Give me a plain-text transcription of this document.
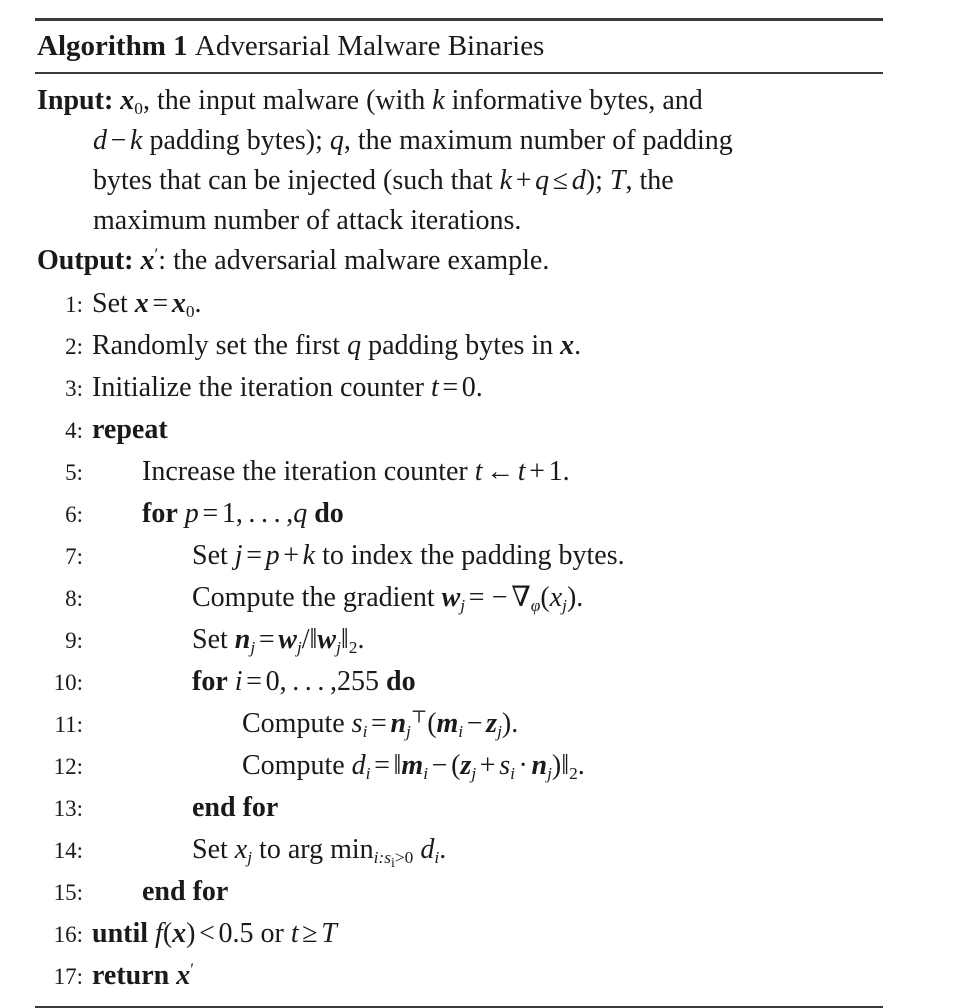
Algorithm 1 Adversarial Malware Binaries
Input: $x_0$, the input malware (with k informative bytes, and
d − k padding bytes); q, the maximum number of padding
bytes that can be injected (such that k + q ≤ d); T, the
maximum number of attack iterations.
Output: x′: the adversarial malware example.
1: Set $x = x_0$.
2: Randomly set the first q padding bytes in x.
3: Initialize the iteration counter t = 0.
4: repeat
5:	Increase the iteration counter t ← t + 1.
6:	for p = 1, . . . ,q do
7:	Set j = p + k to index the padding bytes.
8:	Compute the gradient $w_j$ = − $\nabla_\varphi(x_j)$.
9:	Set $n_j$ = $w_j/‖w_j‖_2$.
10:	for i = 0, . . . ,255 do
11:	Compute $s_i = n_j^⊤(m_i - z_j)$.
12:	Compute $d_i$ = $‖m_i - (z_j + s_i$ · $n_j)‖_2$.
13:	end for
14:	Set $x_j$ to arg $\min_{i:s_i>0} d_i$.
15:	end for
16: until f(x) < 0.5 or t ≥ T
17: return x′
